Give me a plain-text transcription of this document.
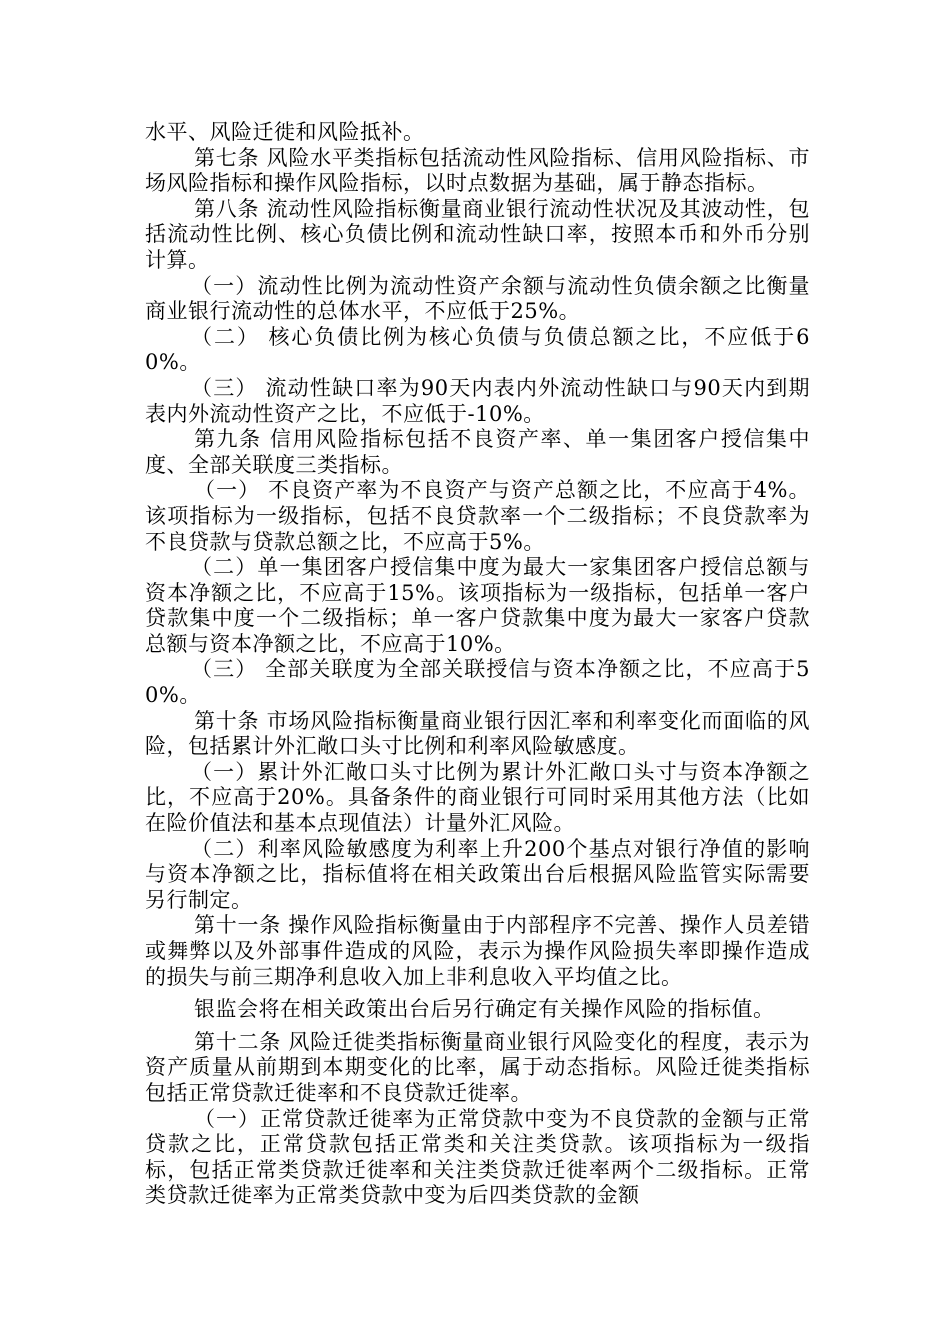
水平、风险迁徙和风险抵补。

第七条 风险水平类指标包括流动性风险指标、信用风险指标、市场风险指标和操作风险指标，以时点数据为基础，属于静态指标。

第八条 流动性风险指标衡量商业银行流动性状况及其波动性，包括流动性比例、核心负债比例和流动性缺口率，按照本币和外币分别计算。

（一）流动性比例为流动性资产余额与流动性负债余额之比衡量商业银行流动性的总体水平，不应低于25%。

（二） 核心负债比例为核心负债与负债总额之比，不应低于60%。

（三） 流动性缺口率为90天内表内外流动性缺口与90天内到期表内外流动性资产之比，不应低于-10%。

第九条 信用风险指标包括不良资产率、单一集团客户授信集中度、全部关联度三类指标。

（一） 不良资产率为不良资产与资产总额之比，不应高于4%。该项指标为一级指标，包括不良贷款率一个二级指标；不良贷款率为不良贷款与贷款总额之比，不应高于5%。

（二）单一集团客户授信集中度为最大一家集团客户授信总额与资本净额之比，不应高于15%。该项指标为一级指标，包括单一客户贷款集中度一个二级指标；单一客户贷款集中度为最大一家客户贷款总额与资本净额之比，不应高于10%。

（三） 全部关联度为全部关联授信与资本净额之比，不应高于50%。

第十条 市场风险指标衡量商业银行因汇率和利率变化而面临的风险，包括累计外汇敞口头寸比例和利率风险敏感度。

（一）累计外汇敞口头寸比例为累计外汇敞口头寸与资本净额之比，不应高于20%。具备条件的商业银行可同时采用其他方法（比如在险价值法和基本点现值法）计量外汇风险。

（二）利率风险敏感度为利率上升200个基点对银行净值的影响与资本净额之比，指标值将在相关政策出台后根据风险监管实际需要另行制定。

第十一条 操作风险指标衡量由于内部程序不完善、操作人员差错或舞弊以及外部事件造成的风险，表示为操作风险损失率即操作造成的损失与前三期净利息收入加上非利息收入平均值之比。

银监会将在相关政策出台后另行确定有关操作风险的指标值。

第十二条 风险迁徙类指标衡量商业银行风险变化的程度，表示为资产质量从前期到本期变化的比率，属于动态指标。风险迁徙类指标包括正常贷款迁徙率和不良贷款迁徙率。

（一）正常贷款迁徙率为正常贷款中变为不良贷款的金额与正常贷款之比，正常贷款包括正常类和关注类贷款。该项指标为一级指标，包括正常类贷款迁徙率和关注类贷款迁徙率两个二级指标。正常类贷款迁徙率为正常类贷款中变为后四类贷款的金额
